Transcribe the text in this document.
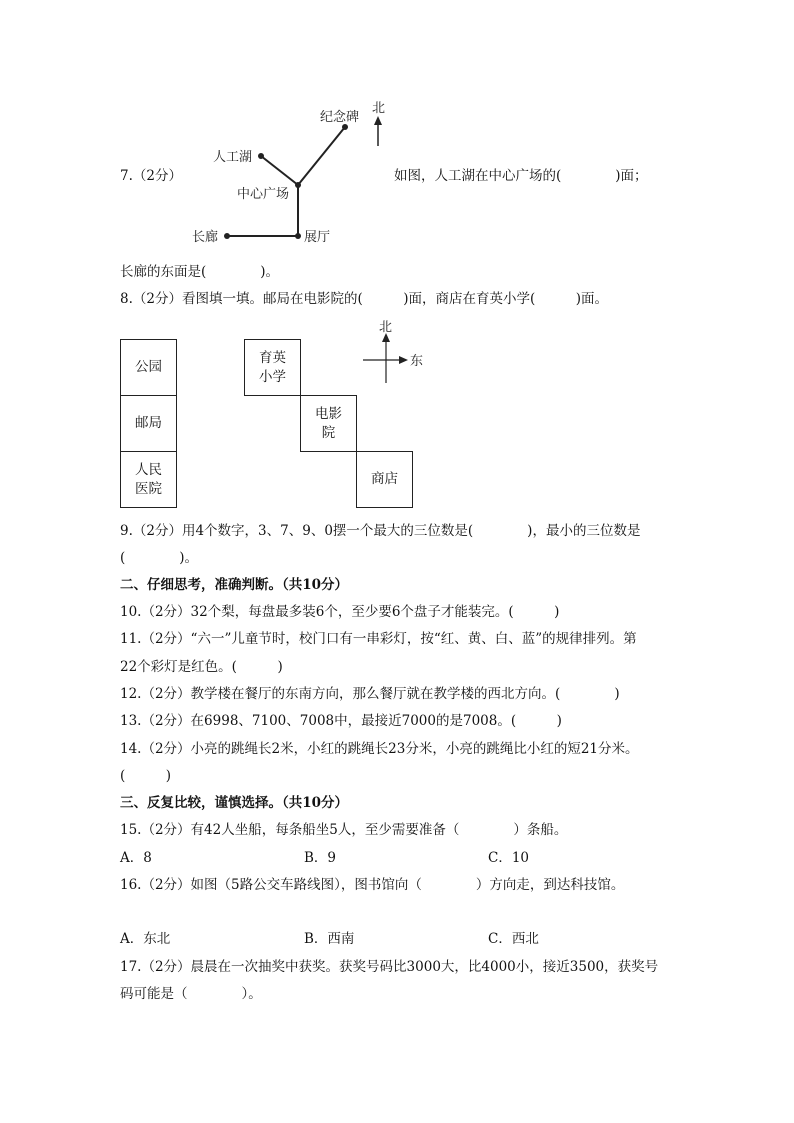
北
纪念碑
人工湖
中心广场
长廊	展厅
北
东
7.（2分）	如图，人工湖在中心广场的(　　　　)面；
长廊的东面是(　　　　)。
8.（2分）看图填一填。邮局在电影院的(　　　)面，商店在育英小学(　　　)面。
公园
邮局
人民
医院
育英
小学
电影
院
商店
9.（2分）用4个数字，3、7、9、0摆一个最大的三位数是(　　　　)，最小的三位数是
(　　　　)。
二、仔细思考，准确判断。（共10分）
10.（2分）32个梨，每盘最多装6个，至少要6个盘子才能装完。(　　　)
11.（2分）“六一”儿童节时，校门口有一串彩灯，按“红、黄、白、蓝”的规律排列。第
22个彩灯是红色。(　　　)
12.（2分）教学楼在餐厅的东南方向，那么餐厅就在教学楼的西北方向。(　　　　)
13.（2分）在6998、7100、7008中，最接近7000的是7008。(　　　)
14.（2分）小亮的跳绳长2米，小红的跳绳长23分米，小亮的跳绳比小红的短21分米。
(　　　)
三、反复比较，谨慎选择。（共10分）
15.（2分）有42人坐船，每条船坐5人，至少需要准备（　　　　）条船。
A．8	B．9	C．10
16.（2分）如图（5路公交车路线图），图书馆向（　　　　）方向走，到达科技馆。
A．东北	B．西南	C．西北
17.（2分）晨晨在一次抽奖中获奖。获奖号码比3000大，比4000小，接近3500，获奖号
码可能是（　　　　）。
